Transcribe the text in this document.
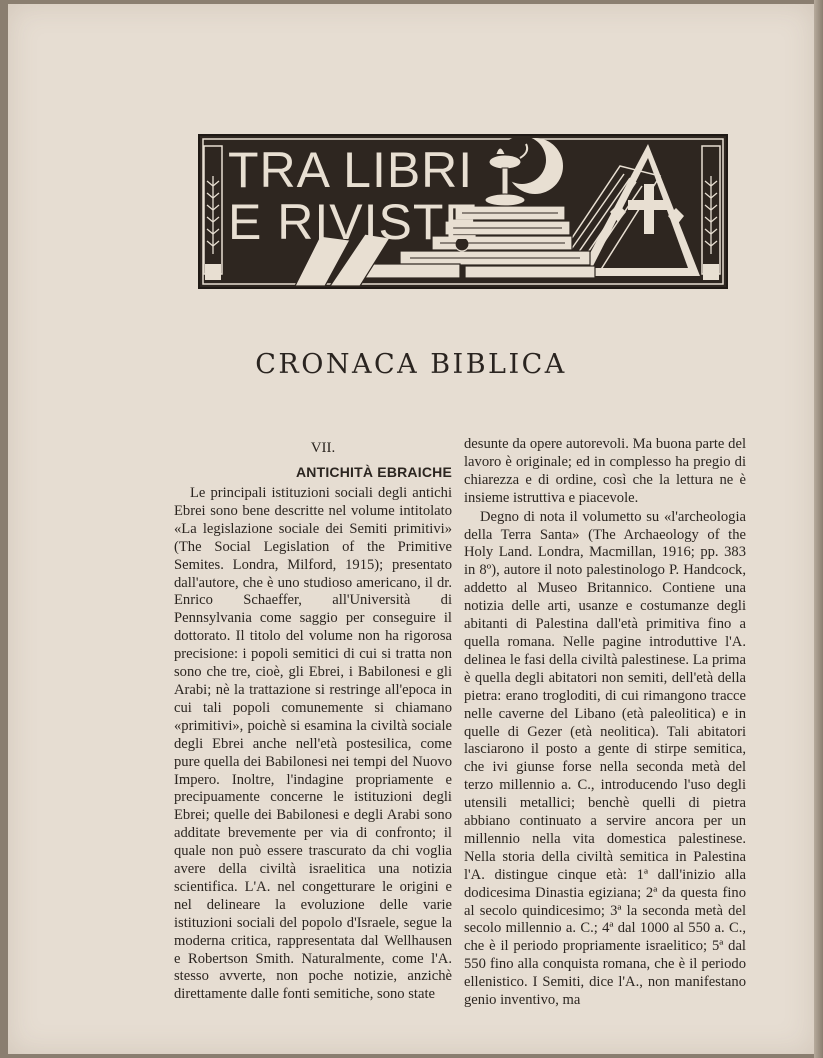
TRA LIBRI
E RIVISTE
CRONACA BIBLICA
VII.
ANTICHITÀ EBRAICHE

Le principali istituzioni sociali degli antichi Ebrei sono bene descritte nel volume intitolato «La legislazione sociale dei Semiti primitivi» (The Social Legislation of the Primitive Semites. Londra, Milford, 1915); presentato dall'autore, che è uno studioso americano, il dr. Enrico Schaeffer, all'Università di Pennsylvania come saggio per conseguire il dottorato. Il titolo del volume non ha rigorosa precisione: i popoli semitici di cui si tratta non sono che tre, cioè, gli Ebrei, i Babilonesi e gli Arabi; nè la trattazione si restringe all'epoca in cui tali popoli comunemente si chiamano «primitivi», poichè si esamina la civiltà sociale degli Ebrei anche nell'età postesilica, come pure quella dei Babilonesi nei tempi del Nuovo Impero. Inoltre, l'indagine propriamente e precipuamente concerne le istituzioni degli Ebrei; quelle dei Babilonesi e degli Arabi sono additate brevemente per via di confronto; il quale non può essere trascurato da chi voglia avere della civiltà israelitica una notizia scientifica. L'A. nel congetturare le origini e nel delineare la evoluzione delle varie istituzioni sociali del popolo d'Israele, segue la moderna critica, rappresentata dal Wellhausen e Robertson Smith. Naturalmente, come l'A. stesso avverte, non poche notizie, anzichè direttamente dalle fonti semitiche, sono state

desunte da opere autorevoli. Ma buona parte del lavoro è originale; ed in complesso ha pregio di chiarezza e di ordine, così che la lettura ne è insieme istruttiva e piacevole.

Degno di nota il volumetto su «l'archeologia della Terra Santa» (The Archaeology of the Holy Land. Londra, Macmillan, 1916; pp. 383 in 8º), autore il noto palestinologo P. Handcock, addetto al Museo Britannico. Contiene una notizia delle arti, usanze e costumanze degli abitanti di Palestina dall'età primitiva fino a quella romana. Nelle pagine introduttive l'A. delinea le fasi della civiltà palestinese. La prima è quella degli abitatori non semiti, dell'età della pietra: erano trogloditi, di cui rimangono tracce nelle caverne del Libano (età paleolitica) e in quelle di Gezer (età neolitica). Tali abitatori lasciarono il posto a gente di stirpe semitica, che ivi giunse forse nella seconda metà del terzo millennio a. C., introducendo l'uso degli utensili metallici; benchè quelli di pietra abbiano continuato a servire ancora per un millennio nella vita domestica palestinese. Nella storia della civiltà semitica in Palestina l'A. distingue cinque età: 1ª dall'inizio alla dodicesima Dinastia egiziana; 2ª da questa fino al secolo quindicesimo; 3ª la seconda metà del secolo millennio a. C.; 4ª dal 1000 al 550 a. C., che è il periodo propriamente israelitico; 5ª dal 550 fino alla conquista romana, che è il periodo ellenistico. I Semiti, dice l'A., non manifestano genio inventivo, ma
